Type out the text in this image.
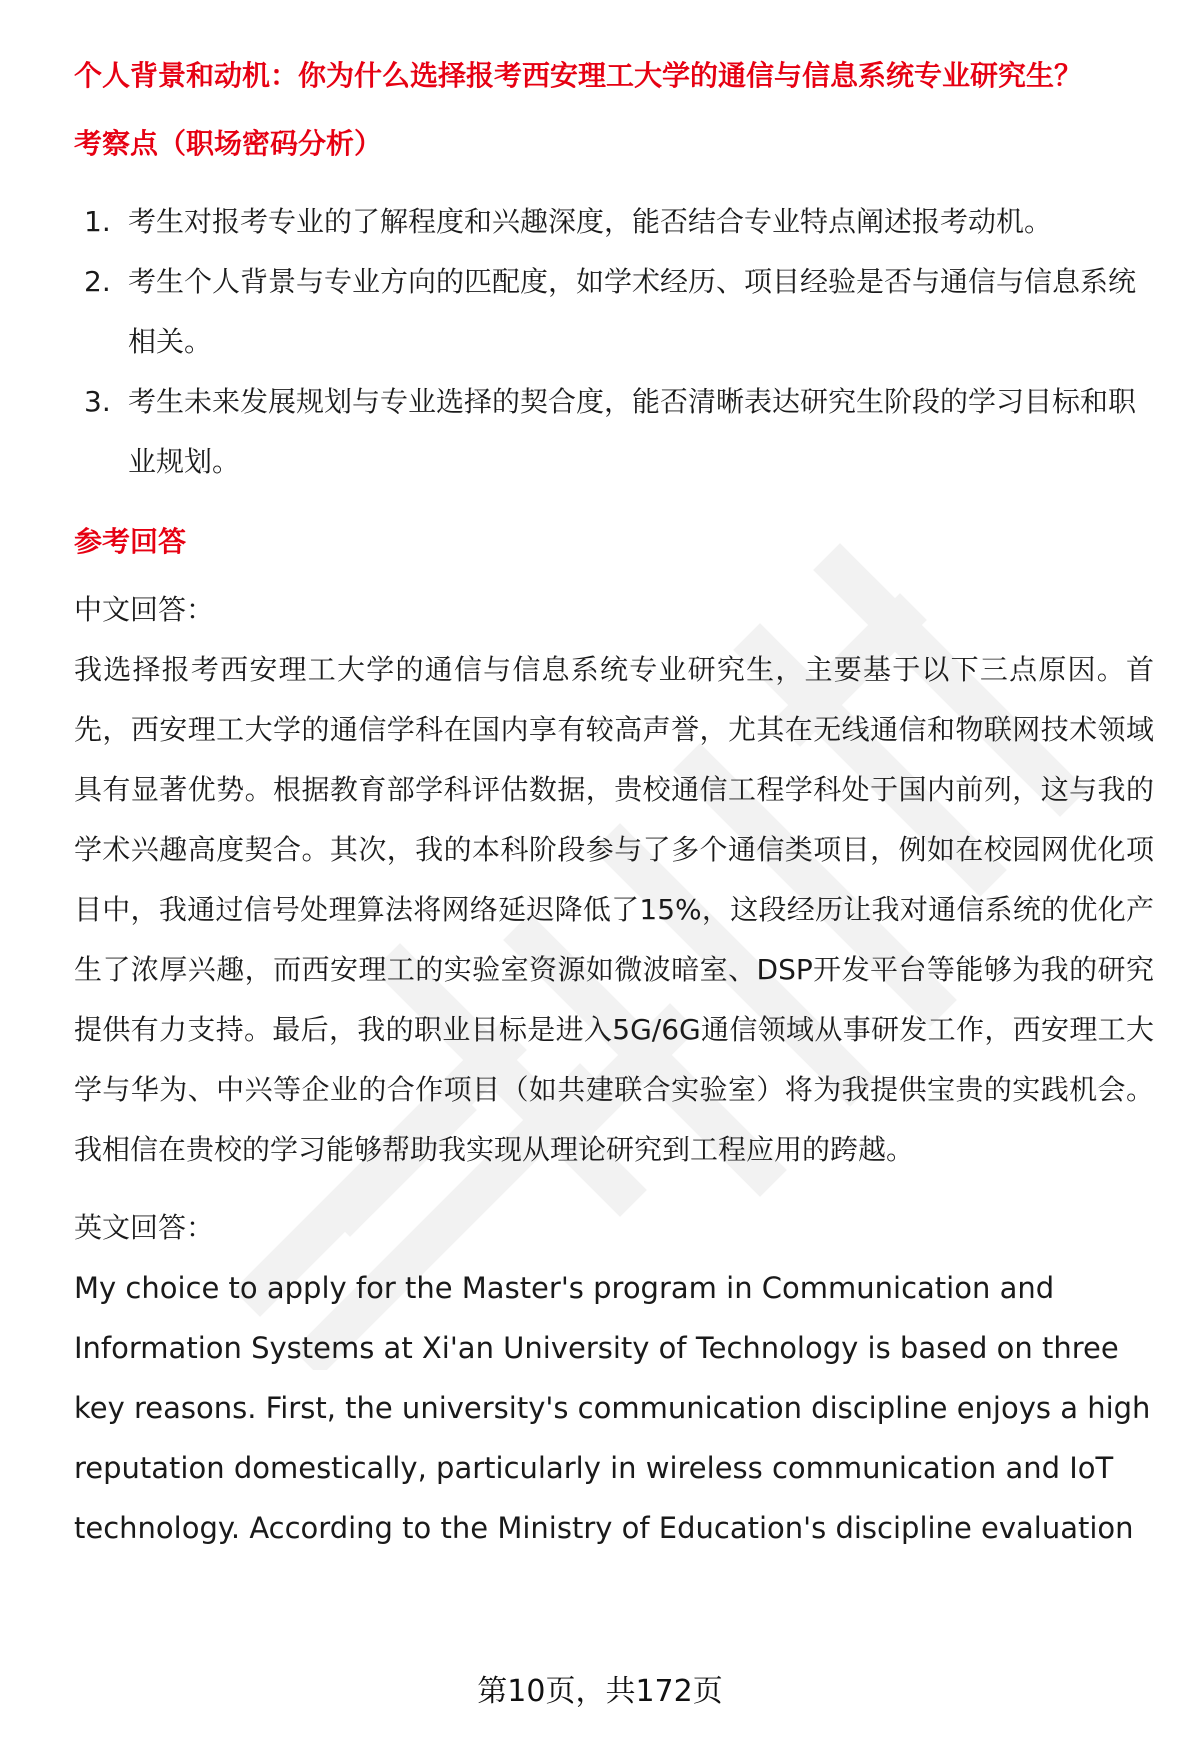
个人背景和动机：你为什么选择报考西安理工大学的通信与信息系统专业研究生？
考察点（职场密码分析）
1. 考生对报考专业的了解程度和兴趣深度，能否结合专业特点阐述报考动机。
2. 考生个人背景与专业方向的匹配度，如学术经历、项目经验是否与通信与信息系统相关。
3. 考生未来发展规划与专业选择的契合度，能否清晰表达研究生阶段的学习目标和职业规划。
参考回答

中文回答：

我选择报考西安理工大学的通信与信息系统专业研究生，主要基于以下三点原因。首先，西安理工大学的通信学科在国内享有较高声誉，尤其在无线通信和物联网技术领域具有显著优势。根据教育部学科评估数据，贵校通信工程学科处于国内前列，这与我的学术兴趣高度契合。其次，我的本科阶段参与了多个通信类项目，例如在校园网优化项目中，我通过信号处理算法将网络延迟降低了15%，这段经历让我对通信系统的优化产生了浓厚兴趣，而西安理工的实验室资源如微波暗室、DSP开发平台等能够为我的研究提供有力支持。最后，我的职业目标是进入5G/6G通信领域从事研发工作，西安理工大学与华为、中兴等企业的合作项目（如共建联合实验室）将为我提供宝贵的实践机会。我相信在贵校的学习能够帮助我实现从理论研究到工程应用的跨越。

英文回答：

My choice to apply for the Master's program in Communication and Information Systems at Xi'an University of Technology is based on three key reasons. First, the university's communication discipline enjoys a high reputation domestically, particularly in wireless communication and IoT technology. According to the Ministry of Education's discipline evaluation

第10页，共172页
